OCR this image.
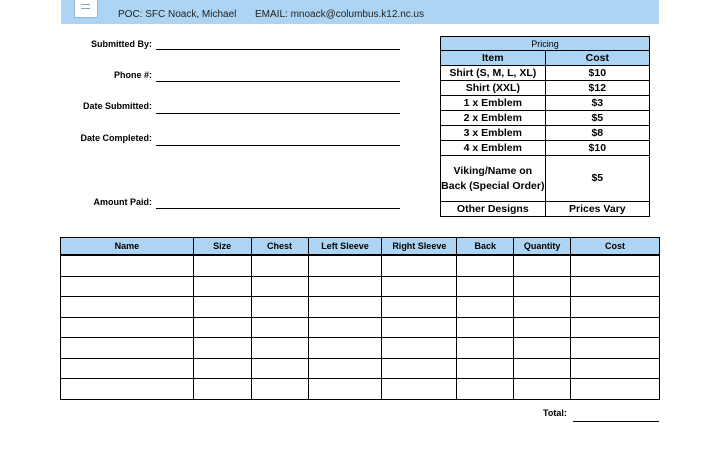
POC: SFC Noack, Michael EMAIL: mnoack@columbus.k12.nc.us
Submitted By:
Phone #:
Date Submitted:
Date Completed:
Amount Paid:
Pricing	
Item	Cost
Shirt (S, M, L, XL)	$10
Shirt (XXL)	$12
1 x Emblem	$3
2 x Emblem	$5
3 x Emblem	$8
4 x Emblem	$10
Viking/Name on Back (Special Order)	$5
Other Designs	Prices Vary
Name	Size	Chest	Left Sleeve	Right Sleeve	Back	Quantity	Cost

Total:
